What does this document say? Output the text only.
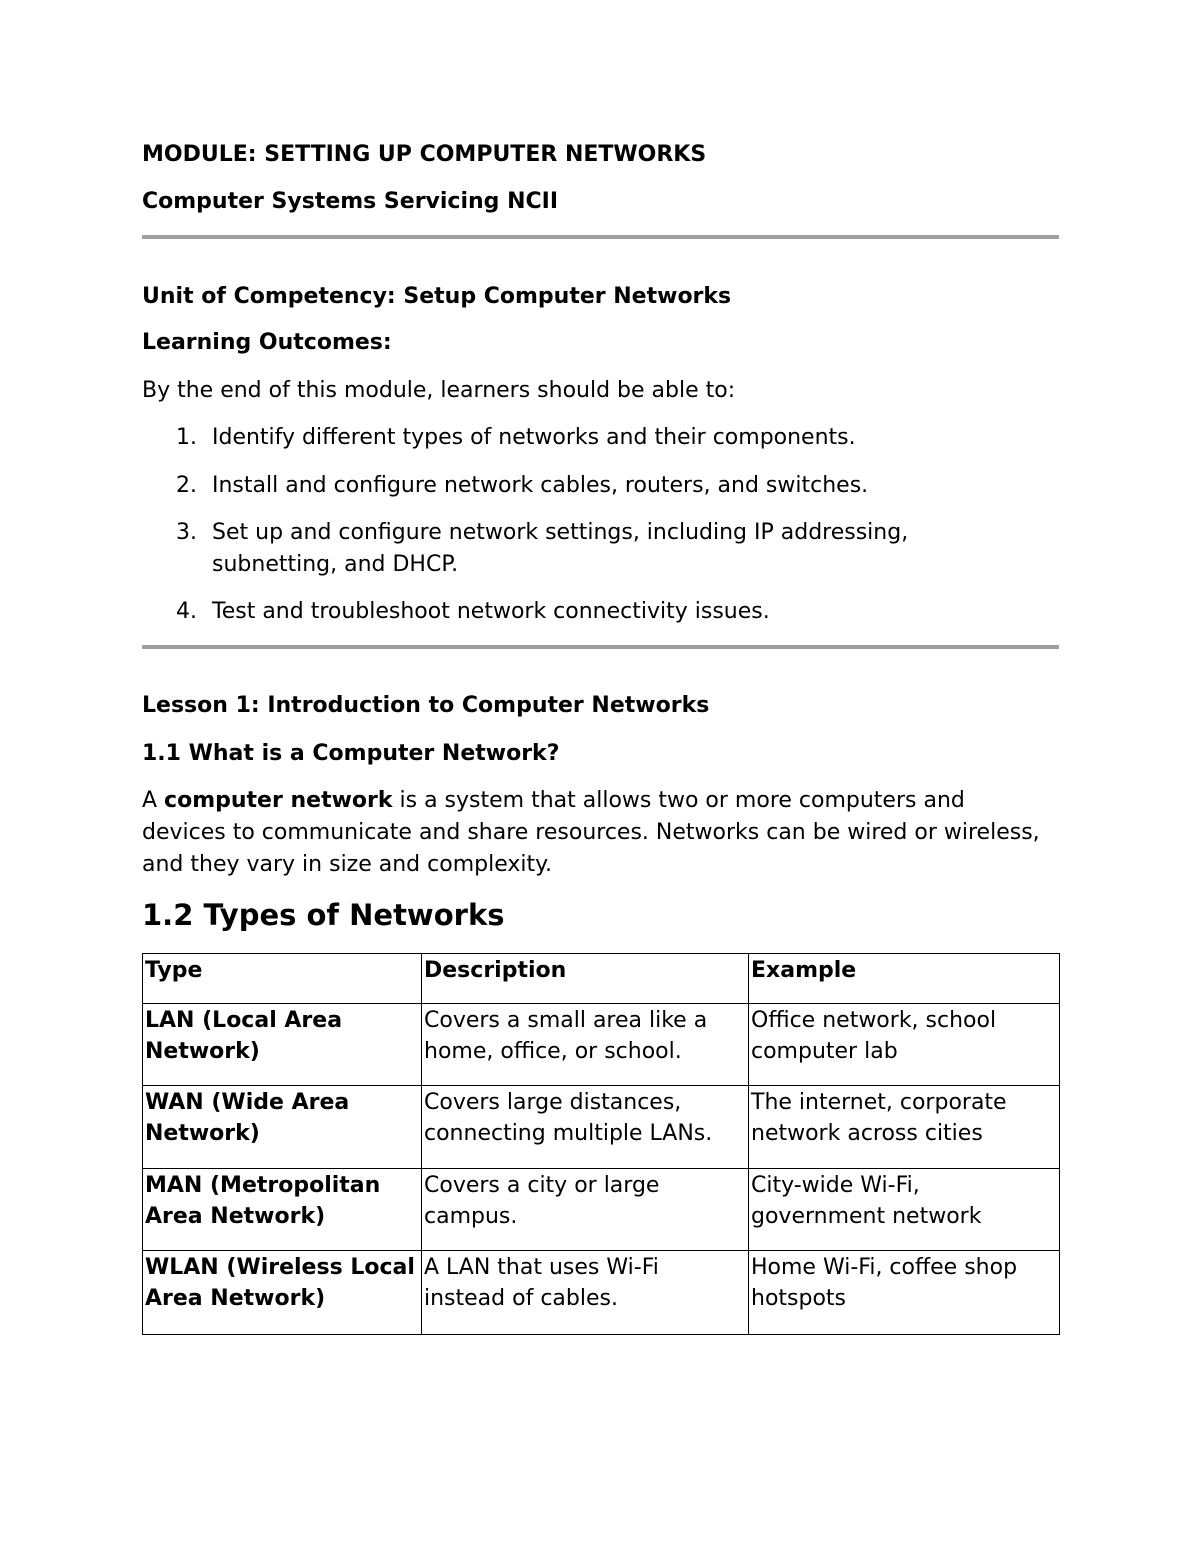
MODULE: SETTING UP COMPUTER NETWORKS

Computer Systems Servicing NCII

Unit of Competency: Setup Computer Networks

Learning Outcomes:

By the end of this module, learners should be able to:

1. Identify different types of networks and their components.
2. Install and configure network cables, routers, and switches.
3. Set up and configure network settings, including IP addressing, subnetting, and DHCP.
4. Test and troubleshoot network connectivity issues.

Lesson 1: Introduction to Computer Networks

1.1 What is a Computer Network?

A computer network is a system that allows two or more computers and devices to communicate and share resources. Networks can be wired or wireless, and they vary in size and complexity.

1.2 Types of Networks
Type	Description	Example
LAN (Local Area Network)	Covers a small area like a home, office, or school.	Office network, school computer lab
WAN (Wide Area Network)	Covers large distances, connecting multiple LANs.	The internet, corporate network across cities
MAN (Metropolitan Area Network)	Covers a city or large campus.	City-wide Wi-Fi, government network
WLAN (Wireless Local Area Network)	A LAN that uses Wi-Fi instead of cables.	Home Wi-Fi, coffee shop hotspots
